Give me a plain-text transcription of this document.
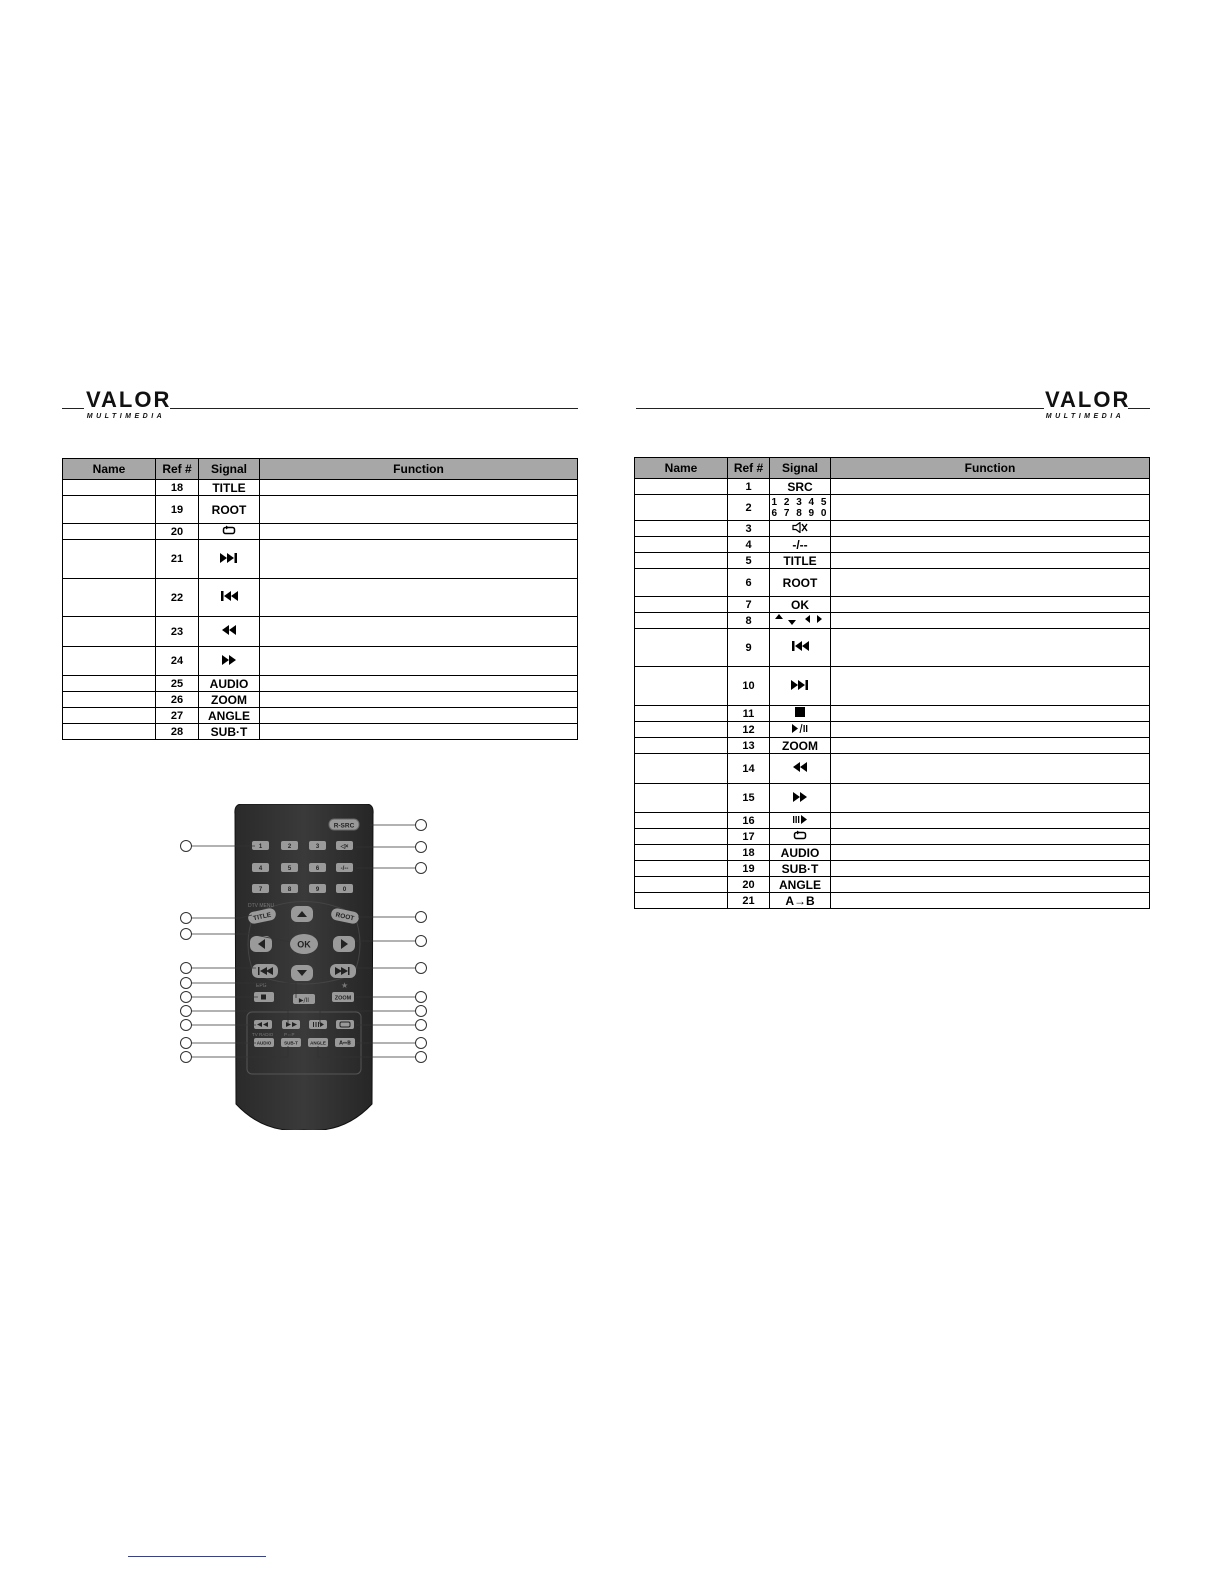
VALOR
MULTIMEDIA
VALOR
MULTIMEDIA
Name	Ref #	Signal	Function
	18	TITLE	
	19	ROOT	
	20		
	21		
	22		
	23		
	24		
	25	AUDIO	
	26	ZOOM	
	27	ANGLE	
	28	SUB·T	
Name	Ref #	Signal	Function
	1	SRC	
	2	1 2 3 4 5
6 7 8 9 0	

	3		
	4	-/--	
	5	TITLE	
	6	ROOT	
	7	OK	
	8		
	9		
	10		
	11		
	12		
	13	ZOOM	
	14		
	15		
	16		
	17		
	18	AUDIO	
	19	SUB·T	
	20	ANGLE	
	21	A→B	
R-SRC
1	2	3	◁×
4	5	6	-/--
7	8	9	0
DTV MENU
TITLE	ROOT
OK
EPG	★
▶/II	ZOOM
TV RADIO P⇔P
AUDIO	SUB-T	ANGLE	A↔B
